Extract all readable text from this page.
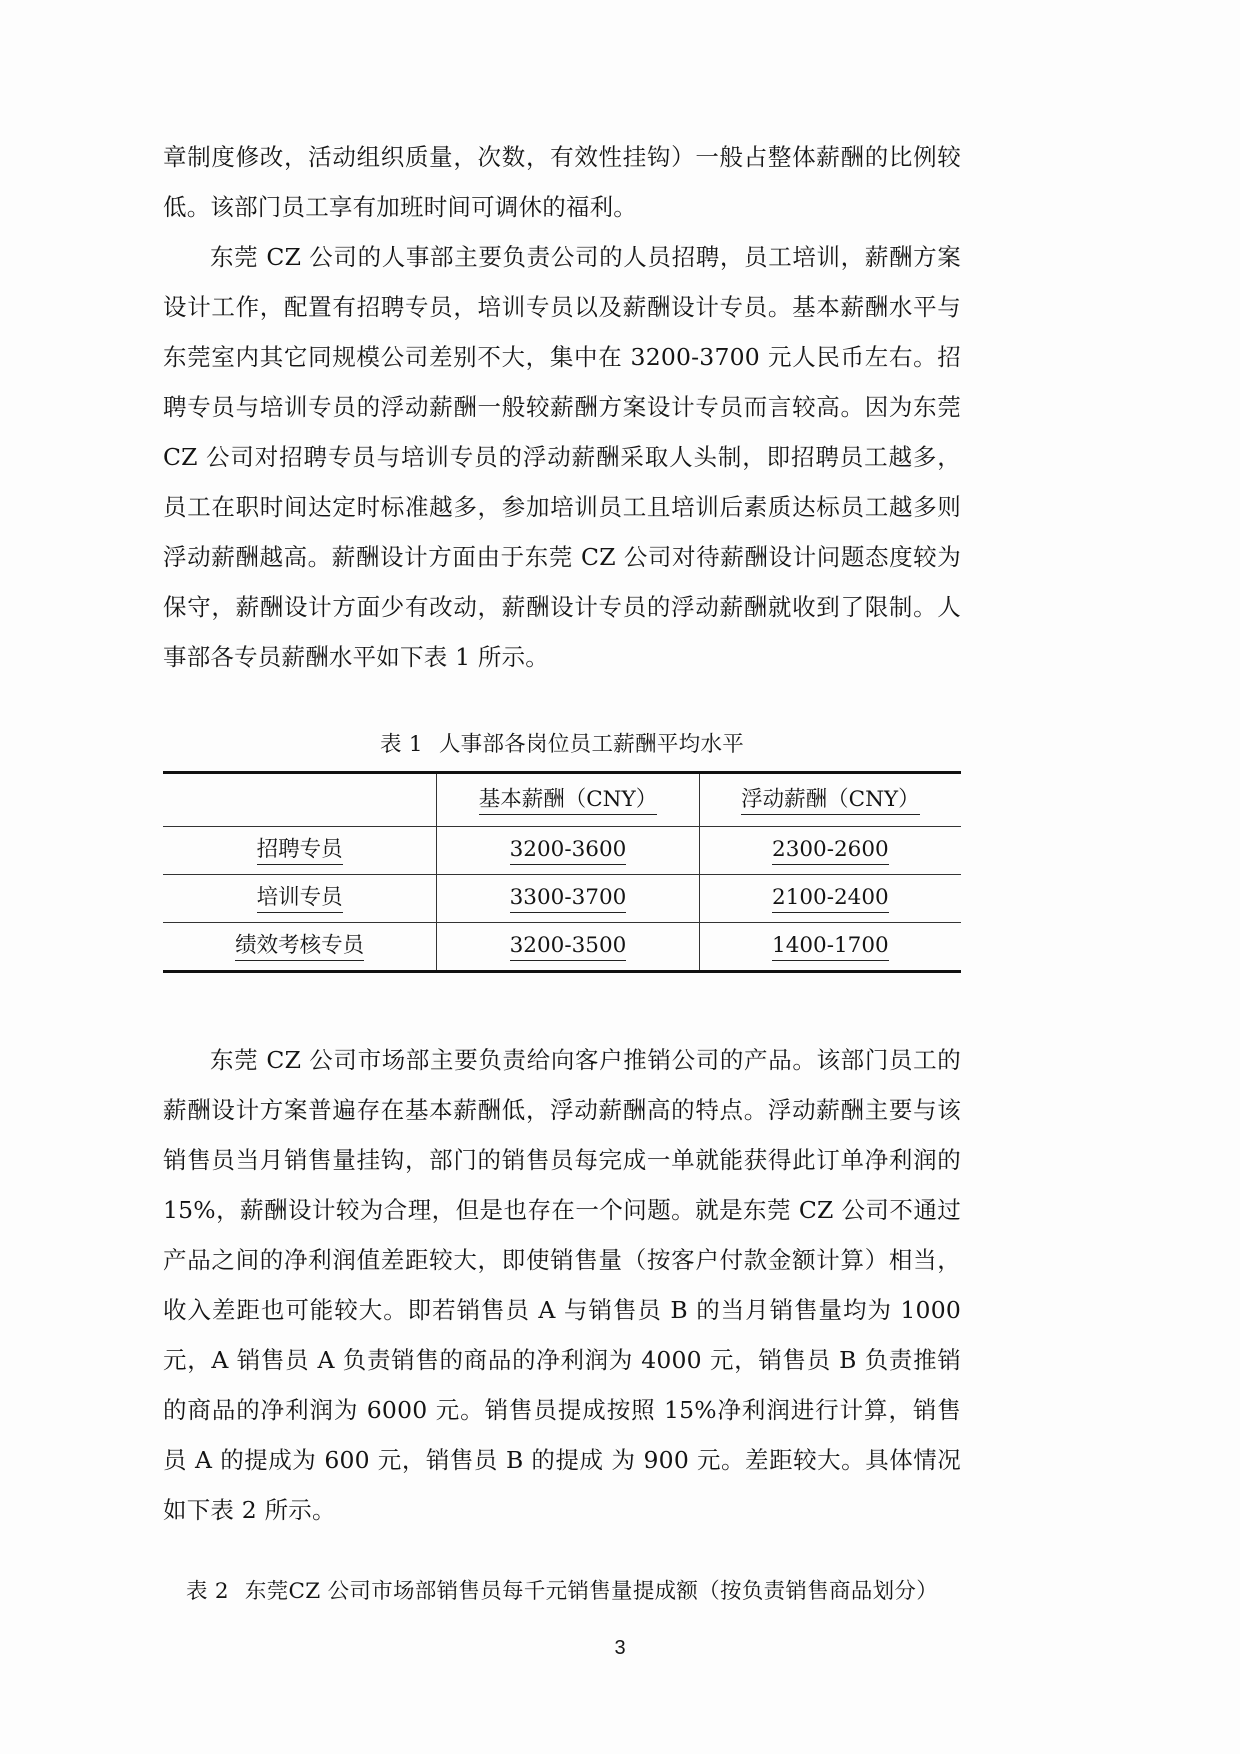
章制度修改，活动组织质量，次数，有效性挂钩）一般占整体薪酬的比例较低。该部门员工享有加班时间可调休的福利。

东莞 CZ 公司的人事部主要负责公司的人员招聘，员工培训，薪酬方案设计工作，配置有招聘专员，培训专员以及薪酬设计专员。基本薪酬水平与东莞室内其它同规模公司差别不大，集中在 3200-3700 元人民币左右。招聘专员与培训专员的浮动薪酬一般较薪酬方案设计专员而言较高。因为东莞 CZ 公司对招聘专员与培训专员的浮动薪酬采取人头制，即招聘员工越多，员工在职时间达定时标准越多，参加培训员工且培训后素质达标员工越多则浮动薪酬越高。薪酬设计方面由于东莞 CZ 公司对待薪酬设计问题态度较为保守，薪酬设计方面少有改动，薪酬设计专员的浮动薪酬就收到了限制。人事部各专员薪酬水平如下表 1 所示。

表 1 人事部各岗位员工薪酬平均水平

	基本薪酬（CNY）	浮动薪酬（CNY）
招聘专员	3200-3600	2300-2600
培训专员	3300-3700	2100-2400
绩效考核专员	3200-3500	1400-1700

东莞 CZ 公司市场部主要负责给向客户推销公司的产品。该部门员工的薪酬设计方案普遍存在基本薪酬低，浮动薪酬高的特点。浮动薪酬主要与该销售员当月销售量挂钩，部门的销售员每完成一单就能获得此订单净利润的 15%，薪酬设计较为合理，但是也存在一个问题。就是东莞 CZ 公司不通过产品之间的净利润值差距较大，即使销售量（按客户付款金额计算）相当，收入差距也可能较大。即若销售员 A 与销售员 B 的当月销售量均为 1000 元，A 销售员 A 负责销售的商品的净利润为 4000 元，销售员 B 负责推销的商品的净利润为 6000 元。销售员提成按照 15%净利润进行计算，销售员 A 的提成为 600 元，销售员 B 的提成 为 900 元。差距较大。具体情况如下表 2 所示。

表 2 东莞CZ 公司市场部销售员每千元销售量提成额（按负责销售商品划分）

3
